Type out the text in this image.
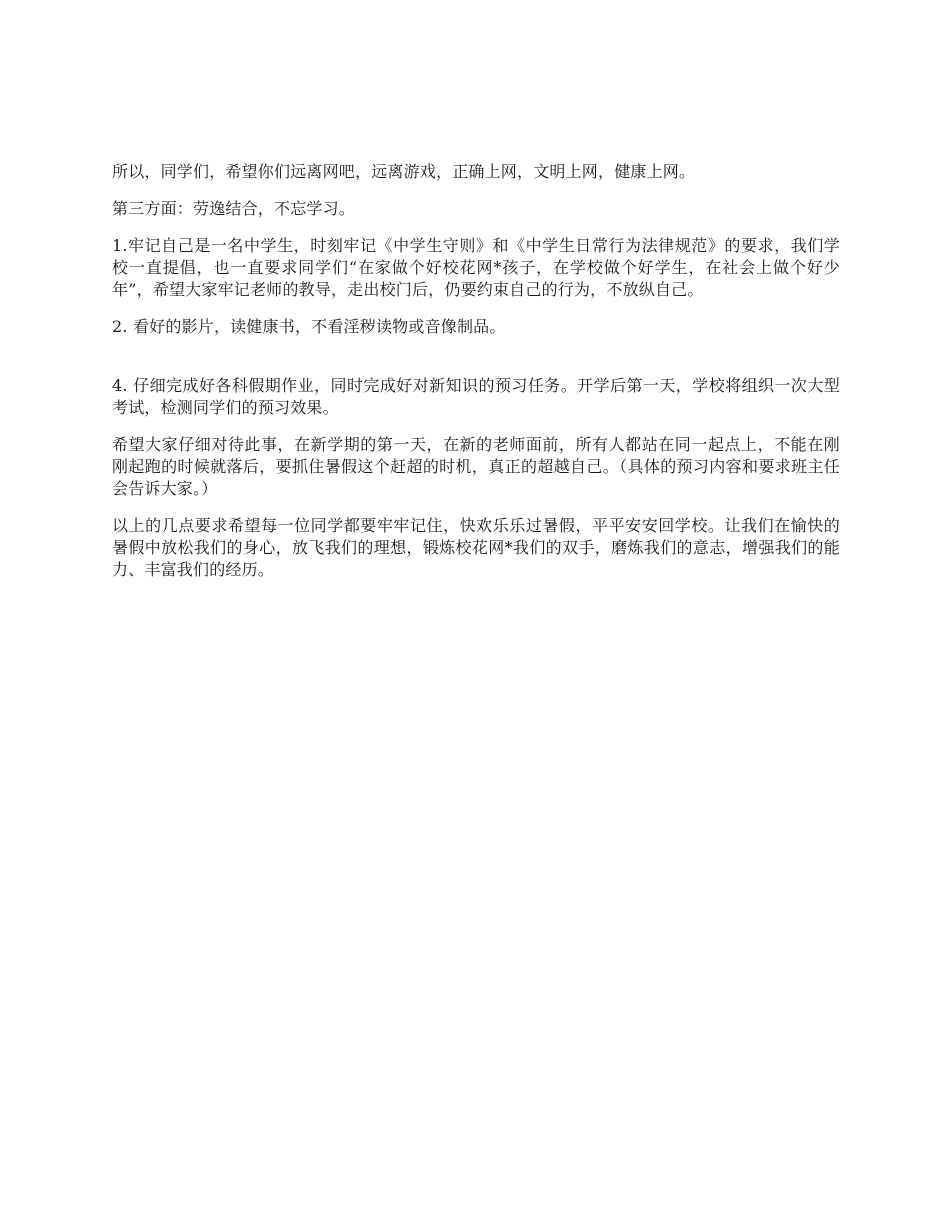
所以，同学们，希望你们远离网吧，远离游戏，正确上网，文明上网，健康上网。

第三方面：劳逸结合，不忘学习。

1.牢记自己是一名中学生，时刻牢记《中学生守则》和《中学生日常行为法律规范》的要求，我们学校一直提倡，也一直要求同学们“在家做个好校花网*孩子，在学校做个好学生，在社会上做个好少年”，希望大家牢记老师的教导，走出校门后，仍要约束自己的行为，不放纵自己。

2. 看好的影片，读健康书，不看淫秽读物或音像制品。

4. 仔细完成好各科假期作业，同时完成好对新知识的预习任务。开学后第一天，学校将组织一次大型考试，检测同学们的预习效果。

希望大家仔细对待此事，在新学期的第一天，在新的老师面前，所有人都站在同一起点上，不能在刚刚起跑的时候就落后，要抓住暑假这个赶超的时机，真正的超越自己。（具体的预习内容和要求班主任会告诉大家。）

以上的几点要求希望每一位同学都要牢牢记住，快欢乐乐过暑假，平平安安回学校。让我们在愉快的暑假中放松我们的身心，放飞我们的理想，锻炼校花网*我们的双手，磨炼我们的意志，增强我们的能力、丰富我们的经历。
